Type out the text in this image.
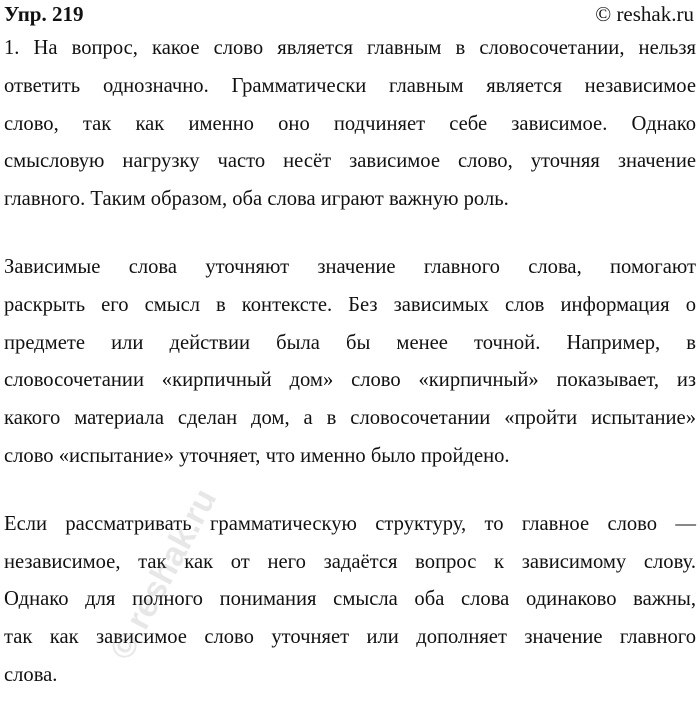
Упр. 219	© reshak.ru
1. На вопрос, какое слово является главным в словосочетании, нельзя
ответить однозначно. Грамматически главным является независимое
слово, так как именно оно подчиняет себе зависимое. Однако
смысловую нагрузку часто несёт зависимое слово, уточняя значение
главного. Таким образом, оба слова играют важную роль.
Зависимые слова уточняют значение главного слова, помогают
раскрыть его смысл в контексте. Без зависимых слов информация о
предмете или действии была бы менее точной. Например, в
словосочетании «кирпичный дом» слово «кирпичный» показывает, из
какого материала сделан дом, а в словосочетании «пройти испытание»
слово «испытание» уточняет, что именно было пройдено.
Если рассматривать грамматическую структуру, то главное слово —
независимое, так как от него задаётся вопрос к зависимому слову.
Однако для полного понимания смысла оба слова одинаково важны,
так как зависимое слово уточняет или дополняет значение главного
слова.
© reshak.ru
